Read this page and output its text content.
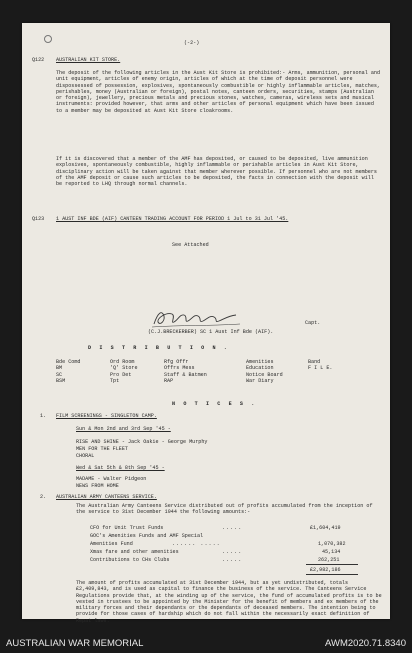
(-2-)
Q122 AUSTRALIAN KIT STORE.
The deposit of the following articles in the Aust Kit Store is prohibited:- Arms, ammunition, personal and unit equipment, articles of enemy origin, articles of which at the time of deposit personnel were dispossessed of possession, explosives, spontaneously combustible or highly inflammable articles, matches, perishables, money (Australian or foreign), postal notes, canteen orders, securities, stamps (Australian or foreign), jewellery, precious metals and precious stones, watches, cameras, wireless sets and musical instruments: provided however, that arms and other articles of personal equipment which have been issued to a member may be deposited at Aust Kit Store cloakrooms.
If it is discovered that a member of the AMF has deposited, or caused to be deposited, live ammunition explosives, spontaneously combustible, highly inflammable or perishable articles in Aust Kit Store, disciplinary action will be taken against that member wherever possible. If personnel who are not members of the AMF deposit or cause such articles to be deposited, the facts in connection with the deposit will be reported to LHQ through normal channels.
Q123 1 AUST INF BDE (AIF) CANTEEN TRADING ACCOUNT FOR PERIOD 1 Jul to 31 Jul '45.
See Attached
Capt.
(C.J.BRECKERBER) SC 1 Aust Inf Bde (AIF).
D I S T R I B U T I O N .
Bde Comd
BM
SC
BSM
Ord Room
'Q' Store
Pro Det
Tpt
Rfg Offr
Offrs Mess
Staff & Batmen
RAP
Amenities
Education
Notice Board
War Diary
Band
F I L E.
N O T I C E S .
1. FILM SCREENINGS - SINGLETON CAMP.
Sun & Mon 2nd and 3rd Sep '45 -
RISE AND SHINE - Jack Oakie - George Murphy
MEN FOR THE FLEET
CHORAL
Wed & Sat 5th & 8th Sep '45 -
MADAME - Walter Pidgeon
NEWS FROM HOME
2. AUSTRALIAN ARMY CANTEENS SERVICE.
The Australian Army Canteens Service distributed out of profits accumulated from the inception of the service to 31st December 1944 the following amounts:-
CFO for Unit Trust Funds	.....	£1,604,419
GOC's Amenities Funds and AMF Special
Amenities Fund	...... .....	1,070,382
Xmas fare and other amenities	.....	45,134
Contributions to CHs Clubs	.....	262,251
£2,982,186
The amount of profits accumulated at 31st December 1944, but as yet undistributed, totals £2,409,843, and is used as capital to finance the business of the service. The Canteens Service Regulations provide that, at the winding up of the service, the fund of accumulated profits is to be vested in trustees to be appointed by the Minister for the benefit of members and ex members of the military forces and their dependants or the dependants of deceased members. The intention being to provide for those cases of hardship which do not fall within the necessarily exact definition of Repat laws.
AUSTRALIAN WAR MEMORIAL	AWM2020.71.8340
